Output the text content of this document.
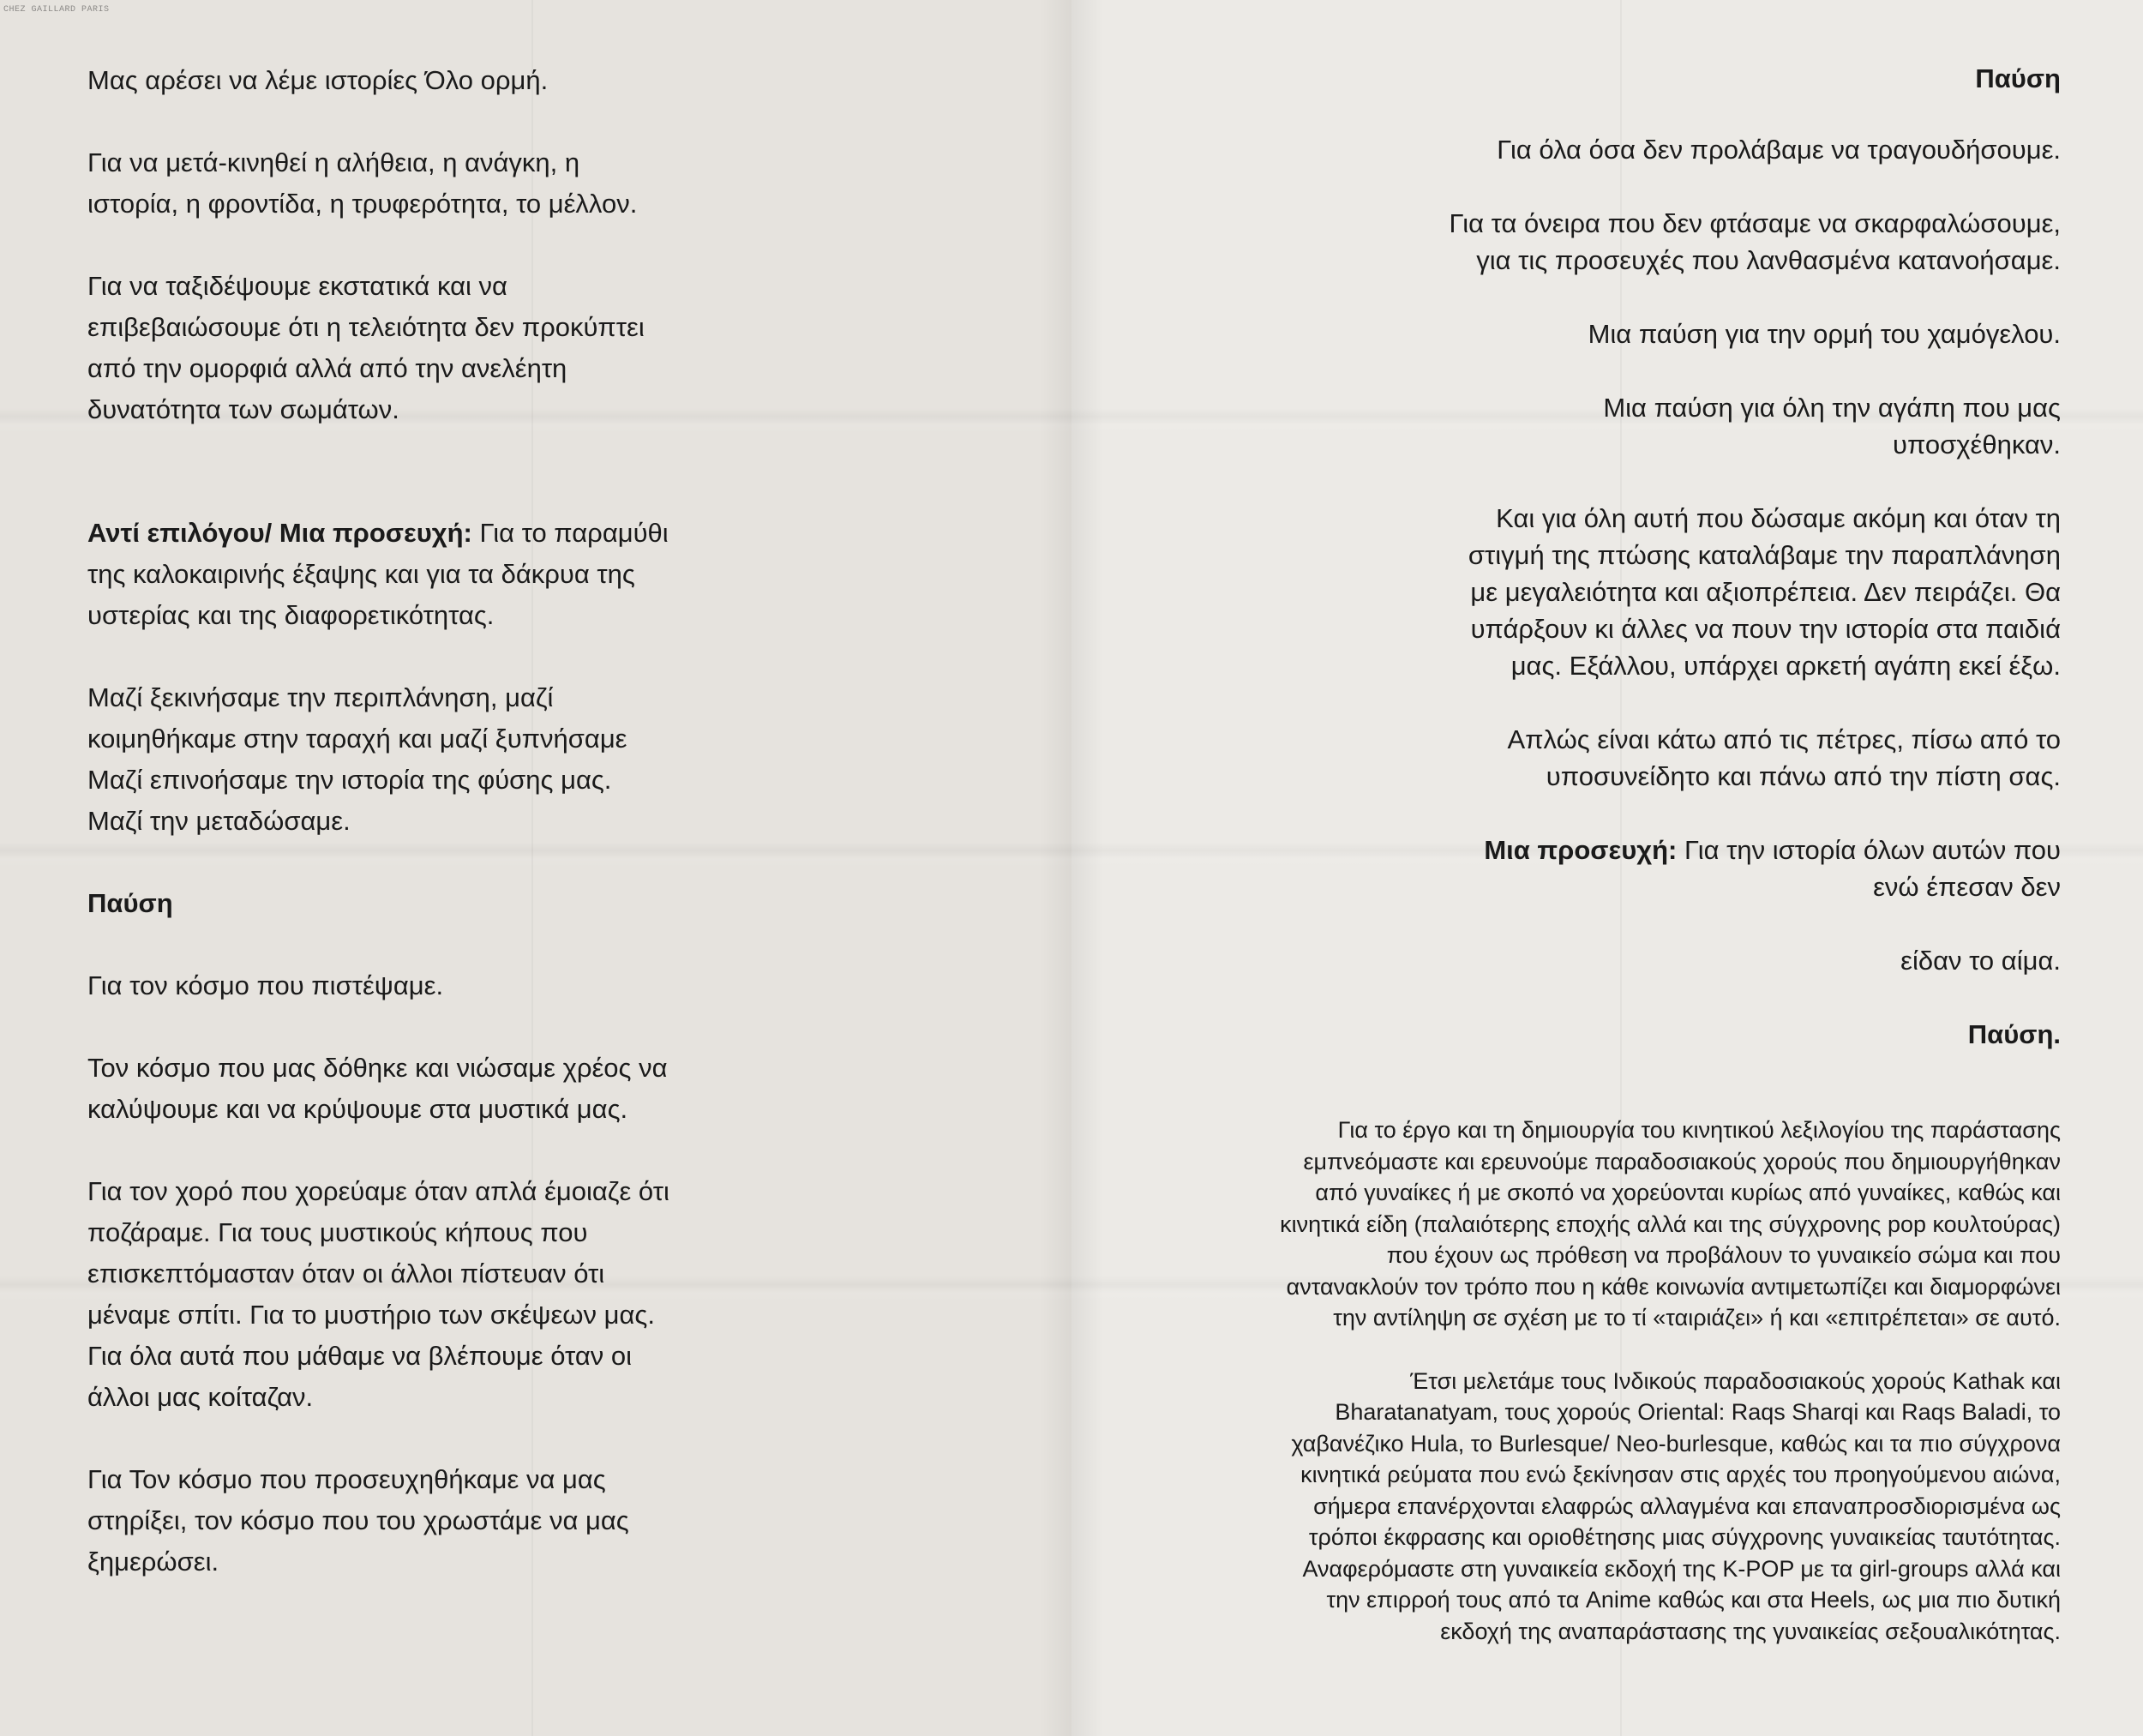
CHEZ GAILLARD PARIS

Μας αρέσει να λέμε ιστορίες Όλο ορμή.

Για να μετά-κινηθεί η αλήθεια, η ανάγκη, η ιστορία, η φροντίδα, η τρυφερότητα, το μέλλον.

Για να ταξιδέψουμε εκστατικά και να επιβεβαιώσουμε ότι η τελειότητα δεν προκύπτει από την ομορφιά αλλά από την ανελέητη δυνατότητα των σωμάτων.

Αντί επιλόγου/ Μια προσευχή: Για το παραμύθι της καλοκαιρινής έξαψης και για τα δάκρυα της υστερίας και της διαφορετικότητας.

Μαζί ξεκινήσαμε την περιπλάνηση, μαζί κοιμηθήκαμε στην ταραχή και μαζί ξυπνήσαμε Μαζί επινοήσαμε την ιστορία της φύσης μας. Μαζί την μεταδώσαμε.

Παύση

Για τον κόσμο που πιστέψαμε.

Τον κόσμο που μας δόθηκε και νιώσαμε χρέος να καλύψουμε και να κρύψουμε στα μυστικά μας.

Για τον χορό που χορεύαμε όταν απλά έμοιαζε ότι ποζάραμε. Για τους μυστικούς κήπους που επισκεπτόμασταν όταν οι άλλοι πίστευαν ότι μέναμε σπίτι. Για το μυστήριο των σκέψεων μας. Για όλα αυτά που μάθαμε να βλέπουμε όταν οι άλλοι μας κοίταζαν.

Για Τον κόσμο που προσευχηθήκαμε να μας στηρίξει, τον κόσμο που του χρωστάμε να μας ξημερώσει.

Παύση

Για όλα όσα δεν προλάβαμε να τραγουδήσουμε.

Για τα όνειρα που δεν φτάσαμε να σκαρφαλώσουμε,
για τις προσευχές που λανθασμένα κατανοήσαμε.

Μια παύση για την ορμή του χαμόγελου.

Μια παύση για όλη την αγάπη που μας
υποσχέθηκαν.

Και για όλη αυτή που δώσαμε ακόμη και όταν τη
στιγμή της πτώσης καταλάβαμε την παραπλάνηση
με μεγαλειότητα και αξιοπρέπεια. Δεν πειράζει. Θα
υπάρξουν κι άλλες να πουν την ιστορία στα παιδιά
μας. Εξάλλου, υπάρχει αρκετή αγάπη εκεί έξω.

Απλώς είναι κάτω από τις πέτρες, πίσω από το
υποσυνείδητο και πάνω από την πίστη σας.

Μια προσευχή: Για την ιστορία όλων αυτών που
ενώ έπεσαν δεν

είδαν το αίμα.

Παύση.

Για το έργο και τη δημιουργία του κινητικού λεξιλογίου της παράστασης
εμπνεόμαστε και ερευνούμε παραδοσιακούς χορούς που δημιουργήθηκαν
από γυναίκες ή με σκοπό να χορεύονται κυρίως από γυναίκες, καθώς και
κινητικά είδη (παλαιότερης εποχής αλλά και της σύγχρονης pop κουλτούρας)
που έχουν ως πρόθεση να προβάλουν το γυναικείο σώμα και που
αντανακλούν τον τρόπο που η κάθε κοινωνία αντιμετωπίζει και διαμορφώνει
την αντίληψη σε σχέση με το τί «ταιριάζει» ή και «επιτρέπεται» σε αυτό.

Έτσι μελετάμε τους Ινδικούς παραδοσιακούς χορούς Kathak και
Bharatanatyam, τους χορούς Oriental: Raqs Sharqi και Raqs Baladi, το
χαβανέζικο Hula, το Burlesque/ Neo-burlesque, καθώς και τα πιο σύγχρονα
κινητικά ρεύματα που ενώ ξεκίνησαν στις αρχές του προηγούμενου αιώνα,
σήμερα επανέρχονται ελαφρώς αλλαγμένα και επαναπροσδιορισμένα ως
τρόποι έκφρασης και οριοθέτησης μιας σύγχρονης γυναικείας ταυτότητας.
Αναφερόμαστε στη γυναικεία εκδοχή της K-POP με τα girl-groups αλλά και
την επιρροή τους από τα Anime καθώς και στα Heels, ως μια πιο δυτική
εκδοχή της αναπαράστασης της γυναικείας σεξουαλικότητας.
